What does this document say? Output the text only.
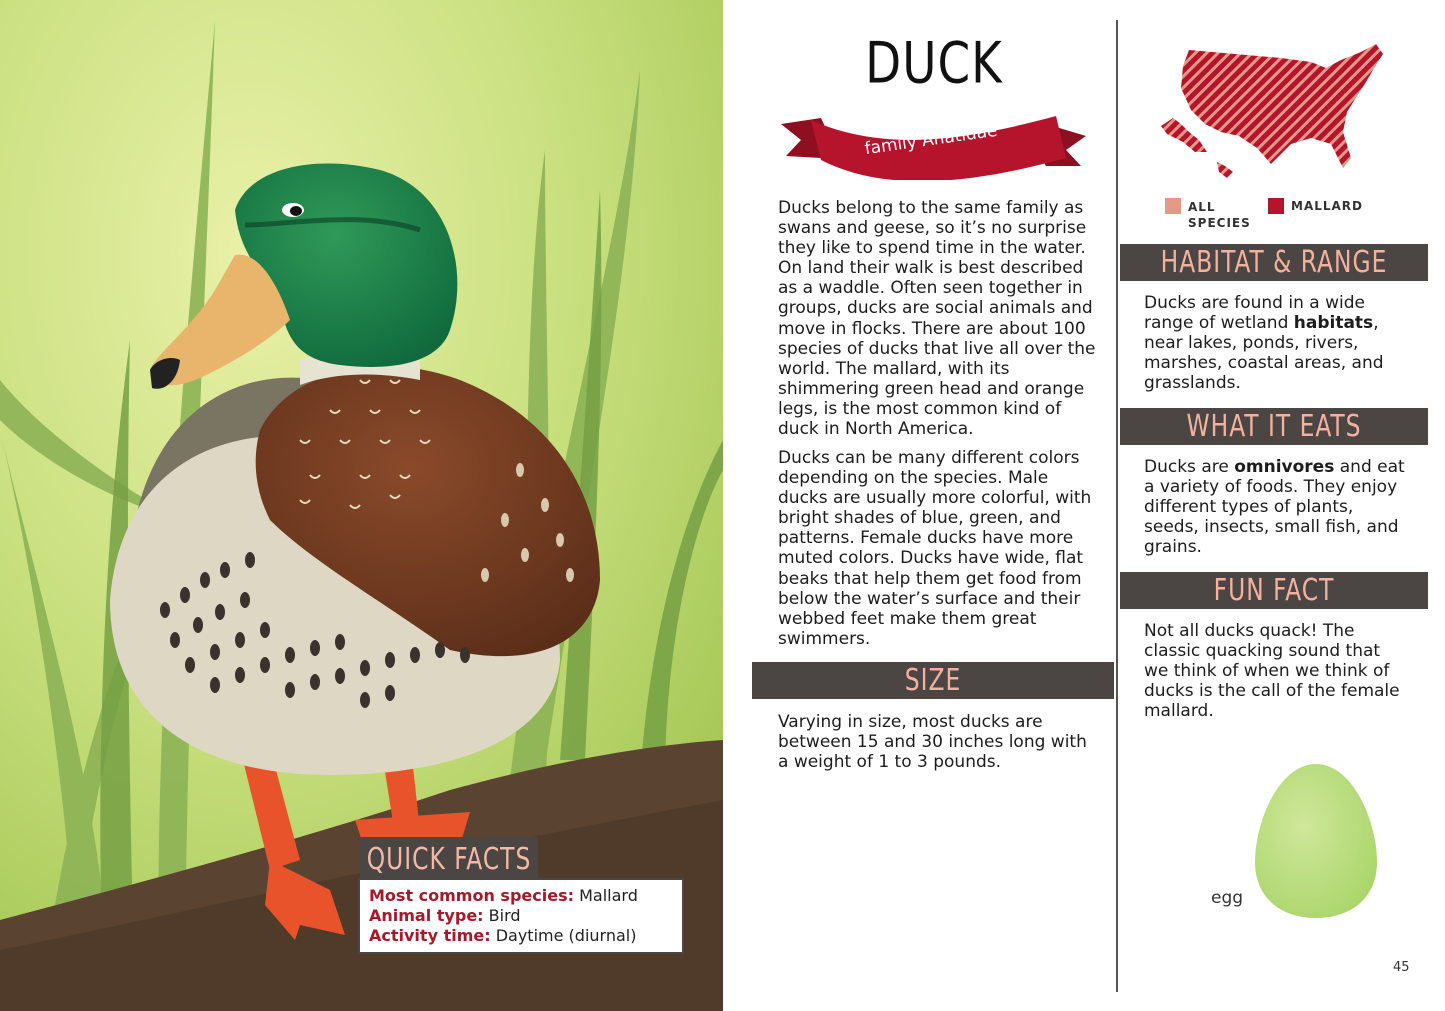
QUICK FACTS
Most common species: Mallard
Animal type: Bird
Activity time: Daytime (diurnal)
DUCK
family Anatidae
Ducks belong to the same family as swans and geese, so it’s no surprise they like to spend time in the water. On land their walk is best described as a waddle. Often seen together in groups, ducks are social animals and move in flocks. There are about 100 species of ducks that live all over the world. The mallard, with its shimmering green head and orange legs, is the most common kind of duck in North America.
Ducks can be many different colors depending on the species. Male ducks are usually more colorful, with bright shades of blue, green, and patterns. Female ducks have more muted colors. Ducks have wide, flat beaks that help them get food from below the water’s surface and their webbed feet make them great swimmers.
SIZE
Varying in size, most ducks are between 15 and 30 inches long with a weight of 1 to 3 pounds.
ALL SPECIES
MALLARD
HABITAT & RANGE
Ducks are found in a wide range of wetland habitats, near lakes, ponds, rivers, marshes, coastal areas, and grasslands.
WHAT IT EATS
Ducks are omnivores and eat a variety of foods. They enjoy different types of plants, seeds, insects, small fish, and grains.
FUN FACT
Not all ducks quack! The classic quacking sound that we think of when we think of ducks is the call of the female mallard.
egg
45
